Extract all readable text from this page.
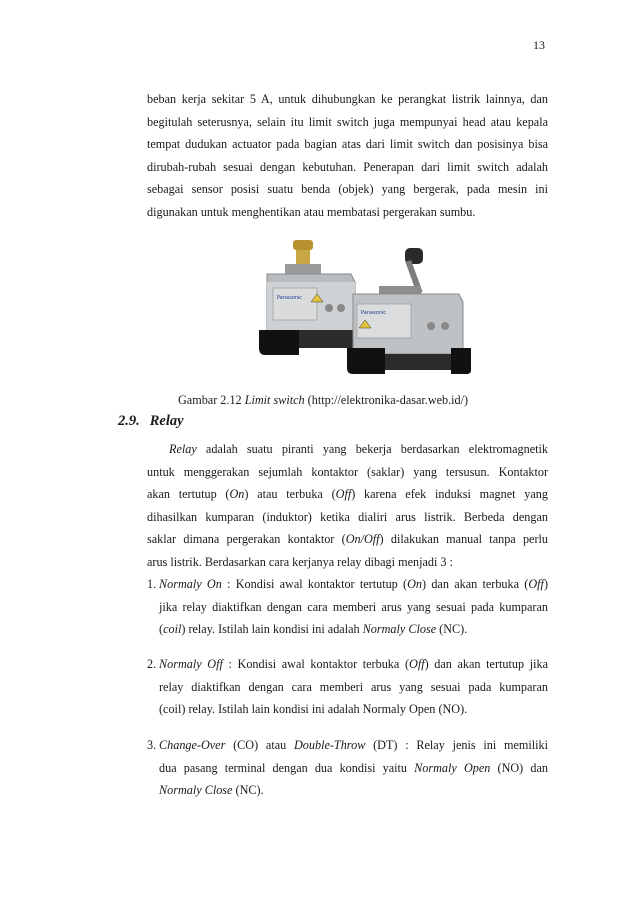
13

beban kerja sekitar 5 A, untuk dihubungkan ke perangkat listrik lainnya, dan
begitulah seterusnya, selain itu limit switch juga mempunyai head atau kepala
tempat dudukan actuator pada bagian atas dari limit switch dan posisinya bisa
dirubah-rubah sesuai dengan kebutuhan. Penerapan dari limit switch adalah
sebagai sensor posisi suatu benda (objek) yang bergerak, pada mesin ini
digunakan untuk menghentikan atau membatasi pergerakan sumbu.

Panasonic
Panasonic
Gambar 2.12 Limit switch (http://elektronika-dasar.web.id/)
2.9. Relay

Relay adalah suatu piranti yang bekerja berdasarkan elektromagnetik
untuk menggerakan sejumlah kontaktor (saklar) yang tersusun. Kontaktor
akan tertutup (On) atau terbuka (Off) karena efek induksi magnet yang
dihasilkan kumparan (induktor) ketika dialiri arus listrik. Berbeda dengan
saklar dimana pergerakan kontaktor (On/Off) dilakukan manual tanpa perlu
arus listrik. Berdasarkan cara kerjanya relay dibagi menjadi 3 :

1. Normaly On : Kondisi awal kontaktor tertutup (On) dan akan terbuka (Off)
jika relay diaktifkan dengan cara memberi arus yang sesuai pada kumparan
(coil) relay. Istilah lain kondisi ini adalah Normaly Close (NC).
2. Normaly Off : Kondisi awal kontaktor terbuka (Off) dan akan tertutup jika
relay diaktifkan dengan cara memberi arus yang sesuai pada kumparan
(coil) relay. Istilah lain kondisi ini adalah Normaly Open (NO).
3. Change-Over (CO) atau Double-Throw (DT) : Relay jenis ini memiliki
dua pasang terminal dengan dua kondisi yaitu Normaly Open (NO) dan
Normaly Close (NC).
